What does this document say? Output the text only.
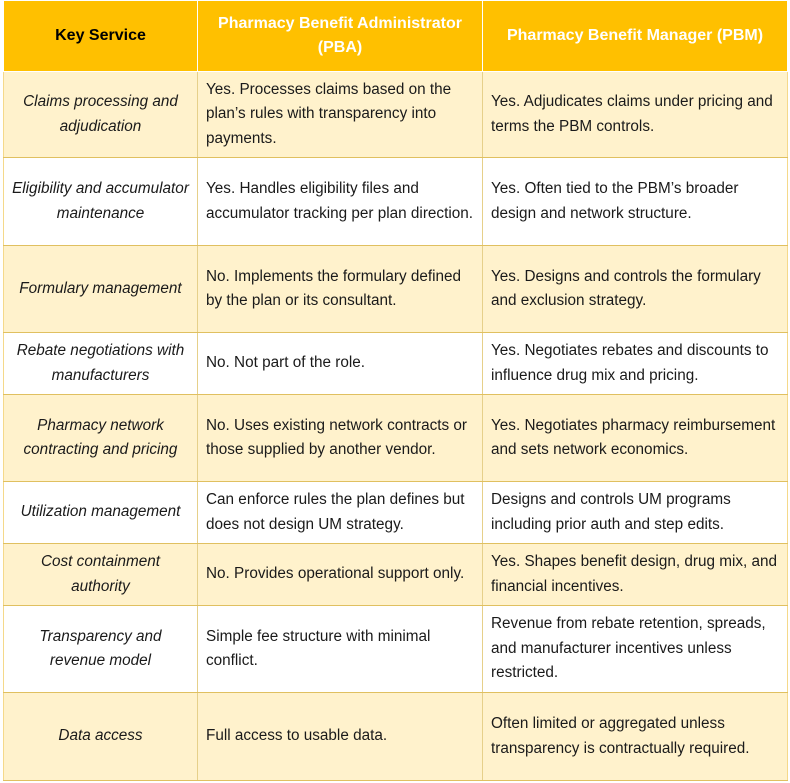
Key Service	Pharmacy Benefit Administrator (PBA)	Pharmacy Benefit Manager (PBM)
Claims processing and adjudication	Yes. Processes claims based on the plan’s rules with transparency into payments.	Yes. Adjudicates claims under pricing and terms the PBM controls.
Eligibility and accumulator maintenance	Yes. Handles eligibility files and accumulator tracking per plan direction.	Yes. Often tied to the PBM’s broader design and network structure.
Formulary management	No. Implements the formulary defined by the plan or its consultant.	Yes. Designs and controls the formulary and exclusion strategy.
Rebate negotiations with manufacturers	No. Not part of the role.	Yes. Negotiates rebates and discounts to influence drug mix and pricing.
Pharmacy network contracting and pricing	No. Uses existing network contracts or those supplied by another vendor.	Yes. Negotiates pharmacy reimbursement and sets network economics.
Utilization management	Can enforce rules the plan defines but does not design UM strategy.	Designs and controls UM programs including prior auth and step edits.
Cost containment authority	No. Provides operational support only.	Yes. Shapes benefit design, drug mix, and financial incentives.
Transparency and revenue model	Simple fee structure with minimal conflict.	Revenue from rebate retention, spreads, and manufacturer incentives unless restricted.
Data access	Full access to usable data.	Often limited or aggregated unless transparency is contractually required.
